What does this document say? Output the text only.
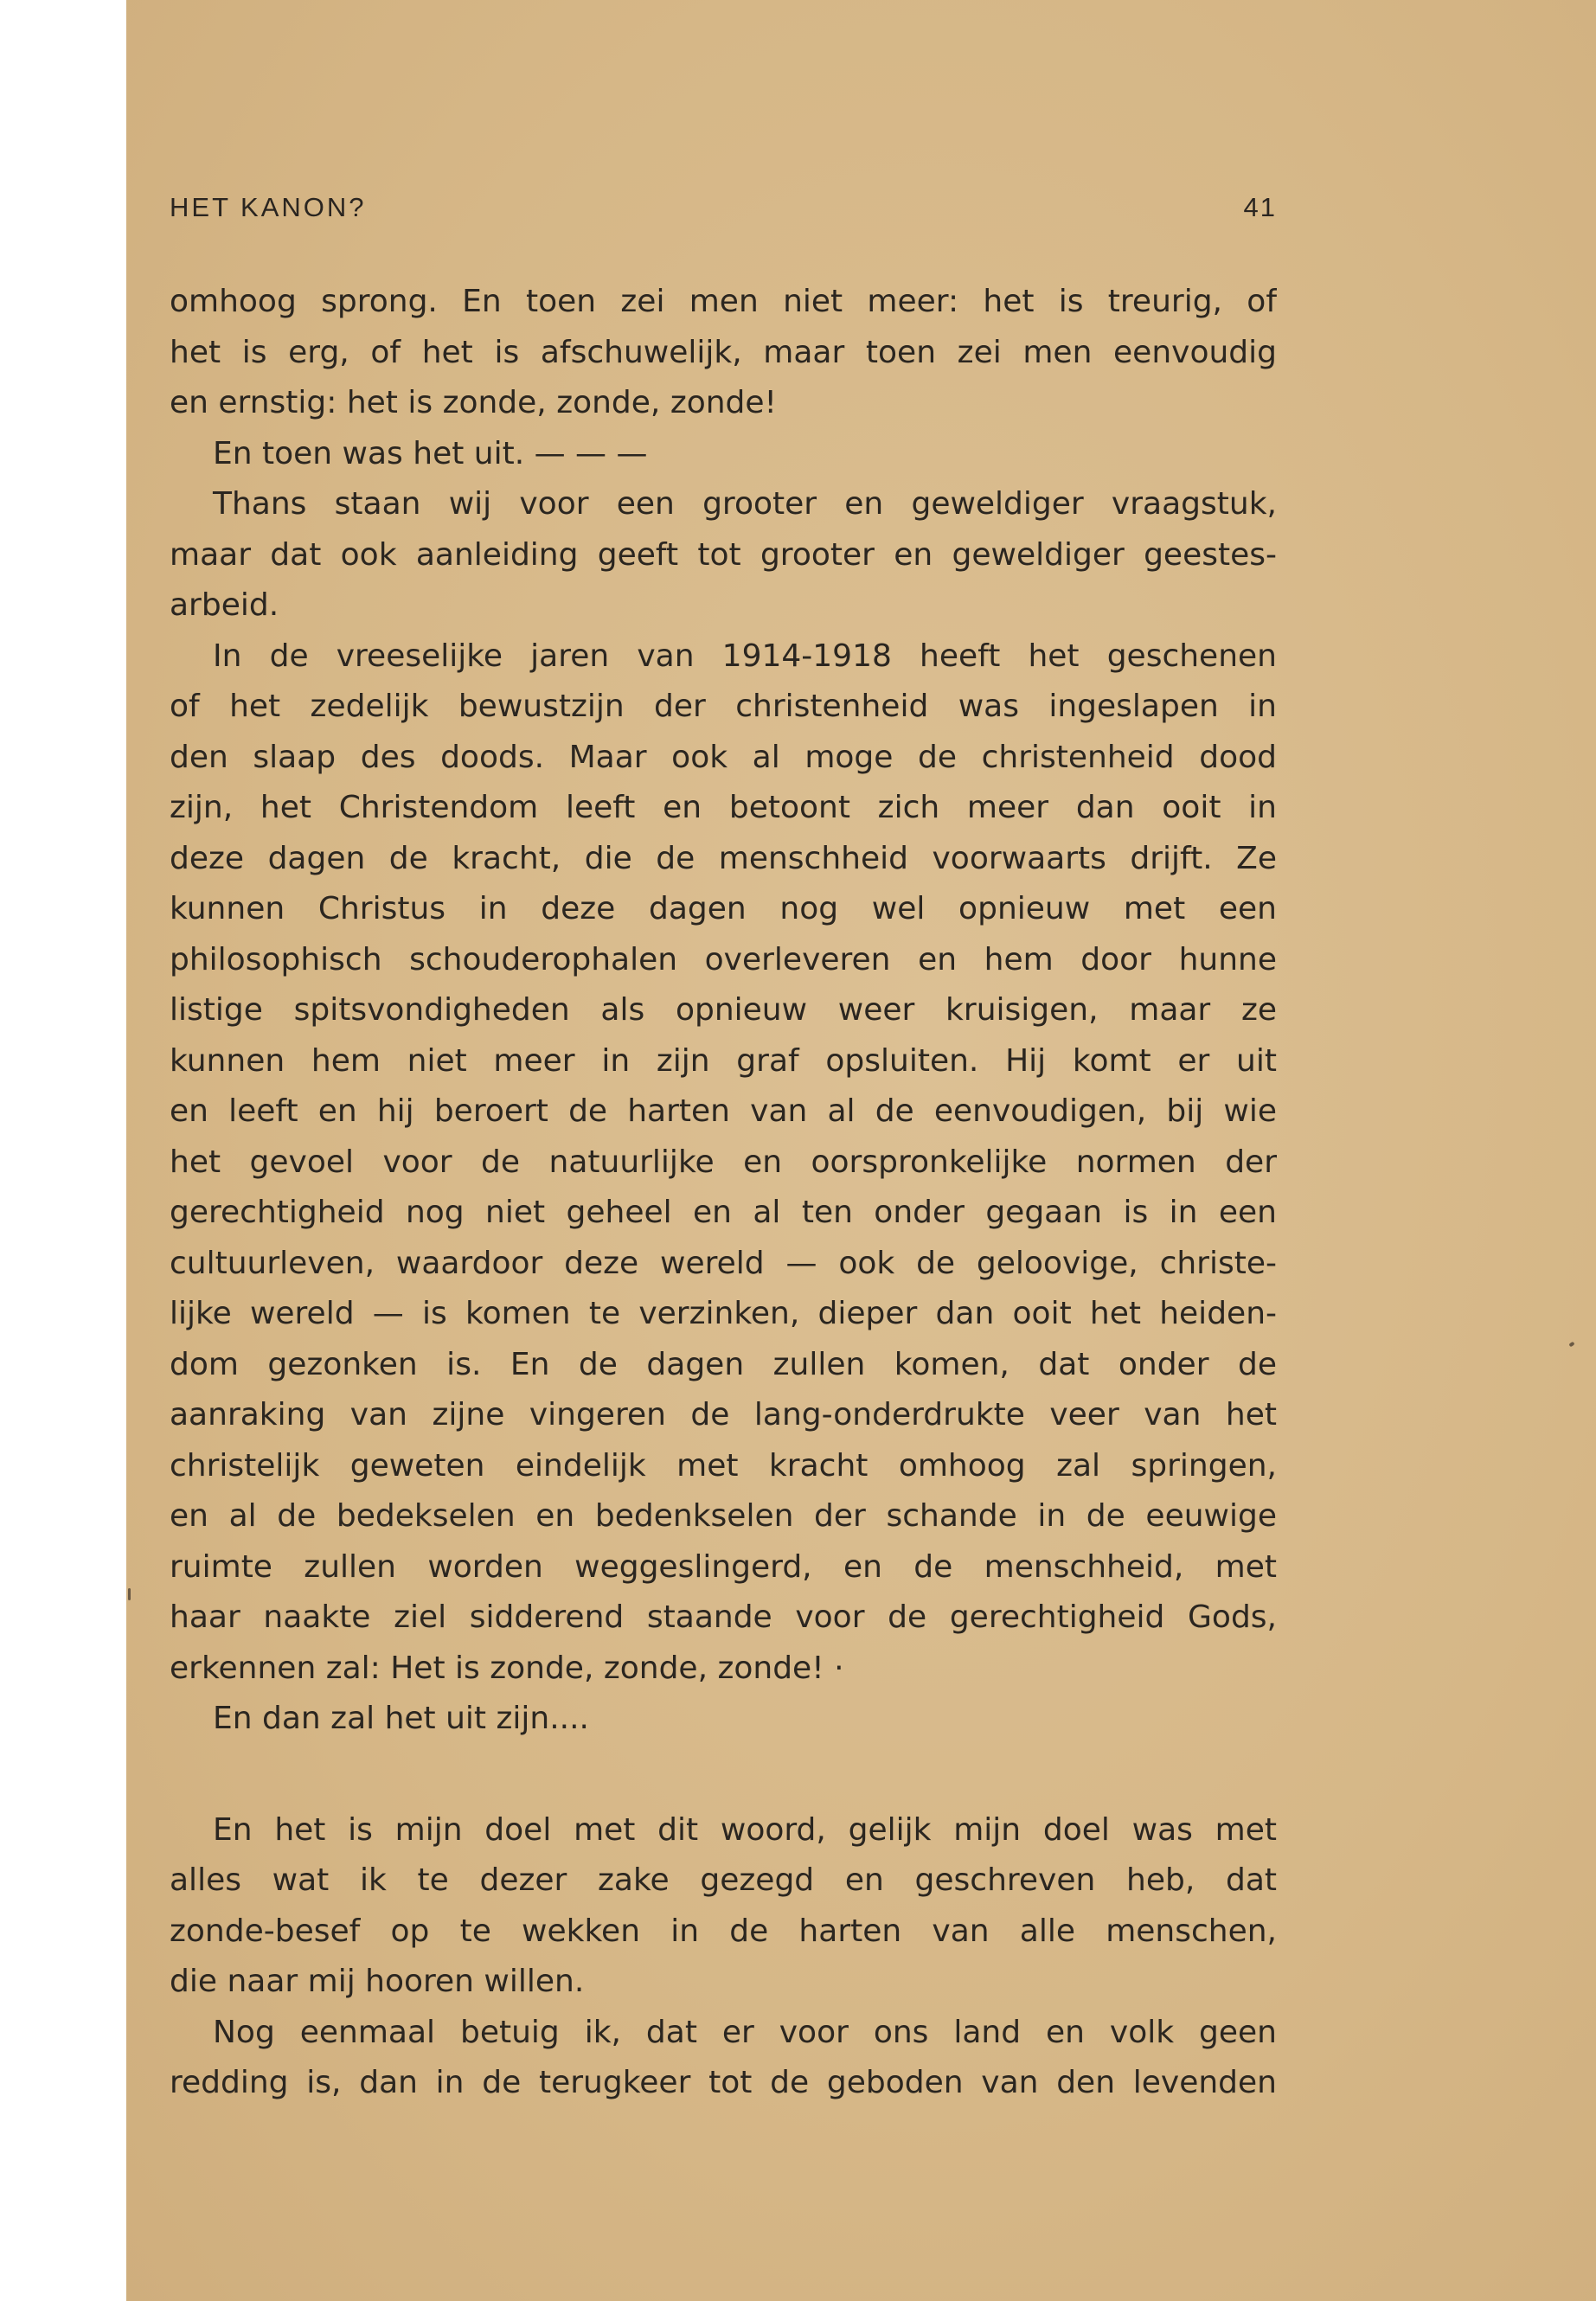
HET KANON?	41
omhoog sprong. En toen zei men niet meer: het is treurig, of
het is erg, of het is afschuwelijk, maar toen zei men eenvoudig
en ernstig: het is zonde, zonde, zonde!
En toen was het uit. — — —
Thans staan wij voor een grooter en geweldiger vraagstuk,
maar dat ook aanleiding geeft tot grooter en geweldiger geestes-
arbeid.
In de vreeselijke jaren van 1914-1918 heeft het geschenen
of het zedelijk bewustzijn der christenheid was ingeslapen in
den slaap des doods. Maar ook al moge de christenheid dood
zijn, het Christendom leeft en betoont zich meer dan ooit in
deze dagen de kracht, die de menschheid voorwaarts drijft. Ze
kunnen Christus in deze dagen nog wel opnieuw met een
philosophisch schouderophalen overleveren en hem door hunne
listige spitsvondigheden als opnieuw weer kruisigen, maar ze
kunnen hem niet meer in zijn graf opsluiten. Hij komt er uit
en leeft en hij beroert de harten van al de eenvoudigen, bij wie
het gevoel voor de natuurlijke en oorspronkelijke normen der
gerechtigheid nog niet geheel en al ten onder gegaan is in een
cultuurleven, waardoor deze wereld — ook de geloovige, christe-
lijke wereld — is komen te verzinken, dieper dan ooit het heiden-
dom gezonken is. En de dagen zullen komen, dat onder de
aanraking van zijne vingeren de lang-onderdrukte veer van het
christelijk geweten eindelijk met kracht omhoog zal springen,
en al de bedekselen en bedenkselen der schande in de eeuwige
ruimte zullen worden weggeslingerd, en de menschheid, met
haar naakte ziel sidderend staande voor de gerechtigheid Gods,
erkennen zal: Het is zonde, zonde, zonde! ·
En dan zal het uit zijn....
En het is mijn doel met dit woord, gelijk mijn doel was met
alles wat ik te dezer zake gezegd en geschreven heb, dat
zonde-besef op te wekken in de harten van alle menschen,
die naar mij hooren willen.
Nog eenmaal betuig ik, dat er voor ons land en volk geen
redding is, dan in de terugkeer tot de geboden van den levenden
